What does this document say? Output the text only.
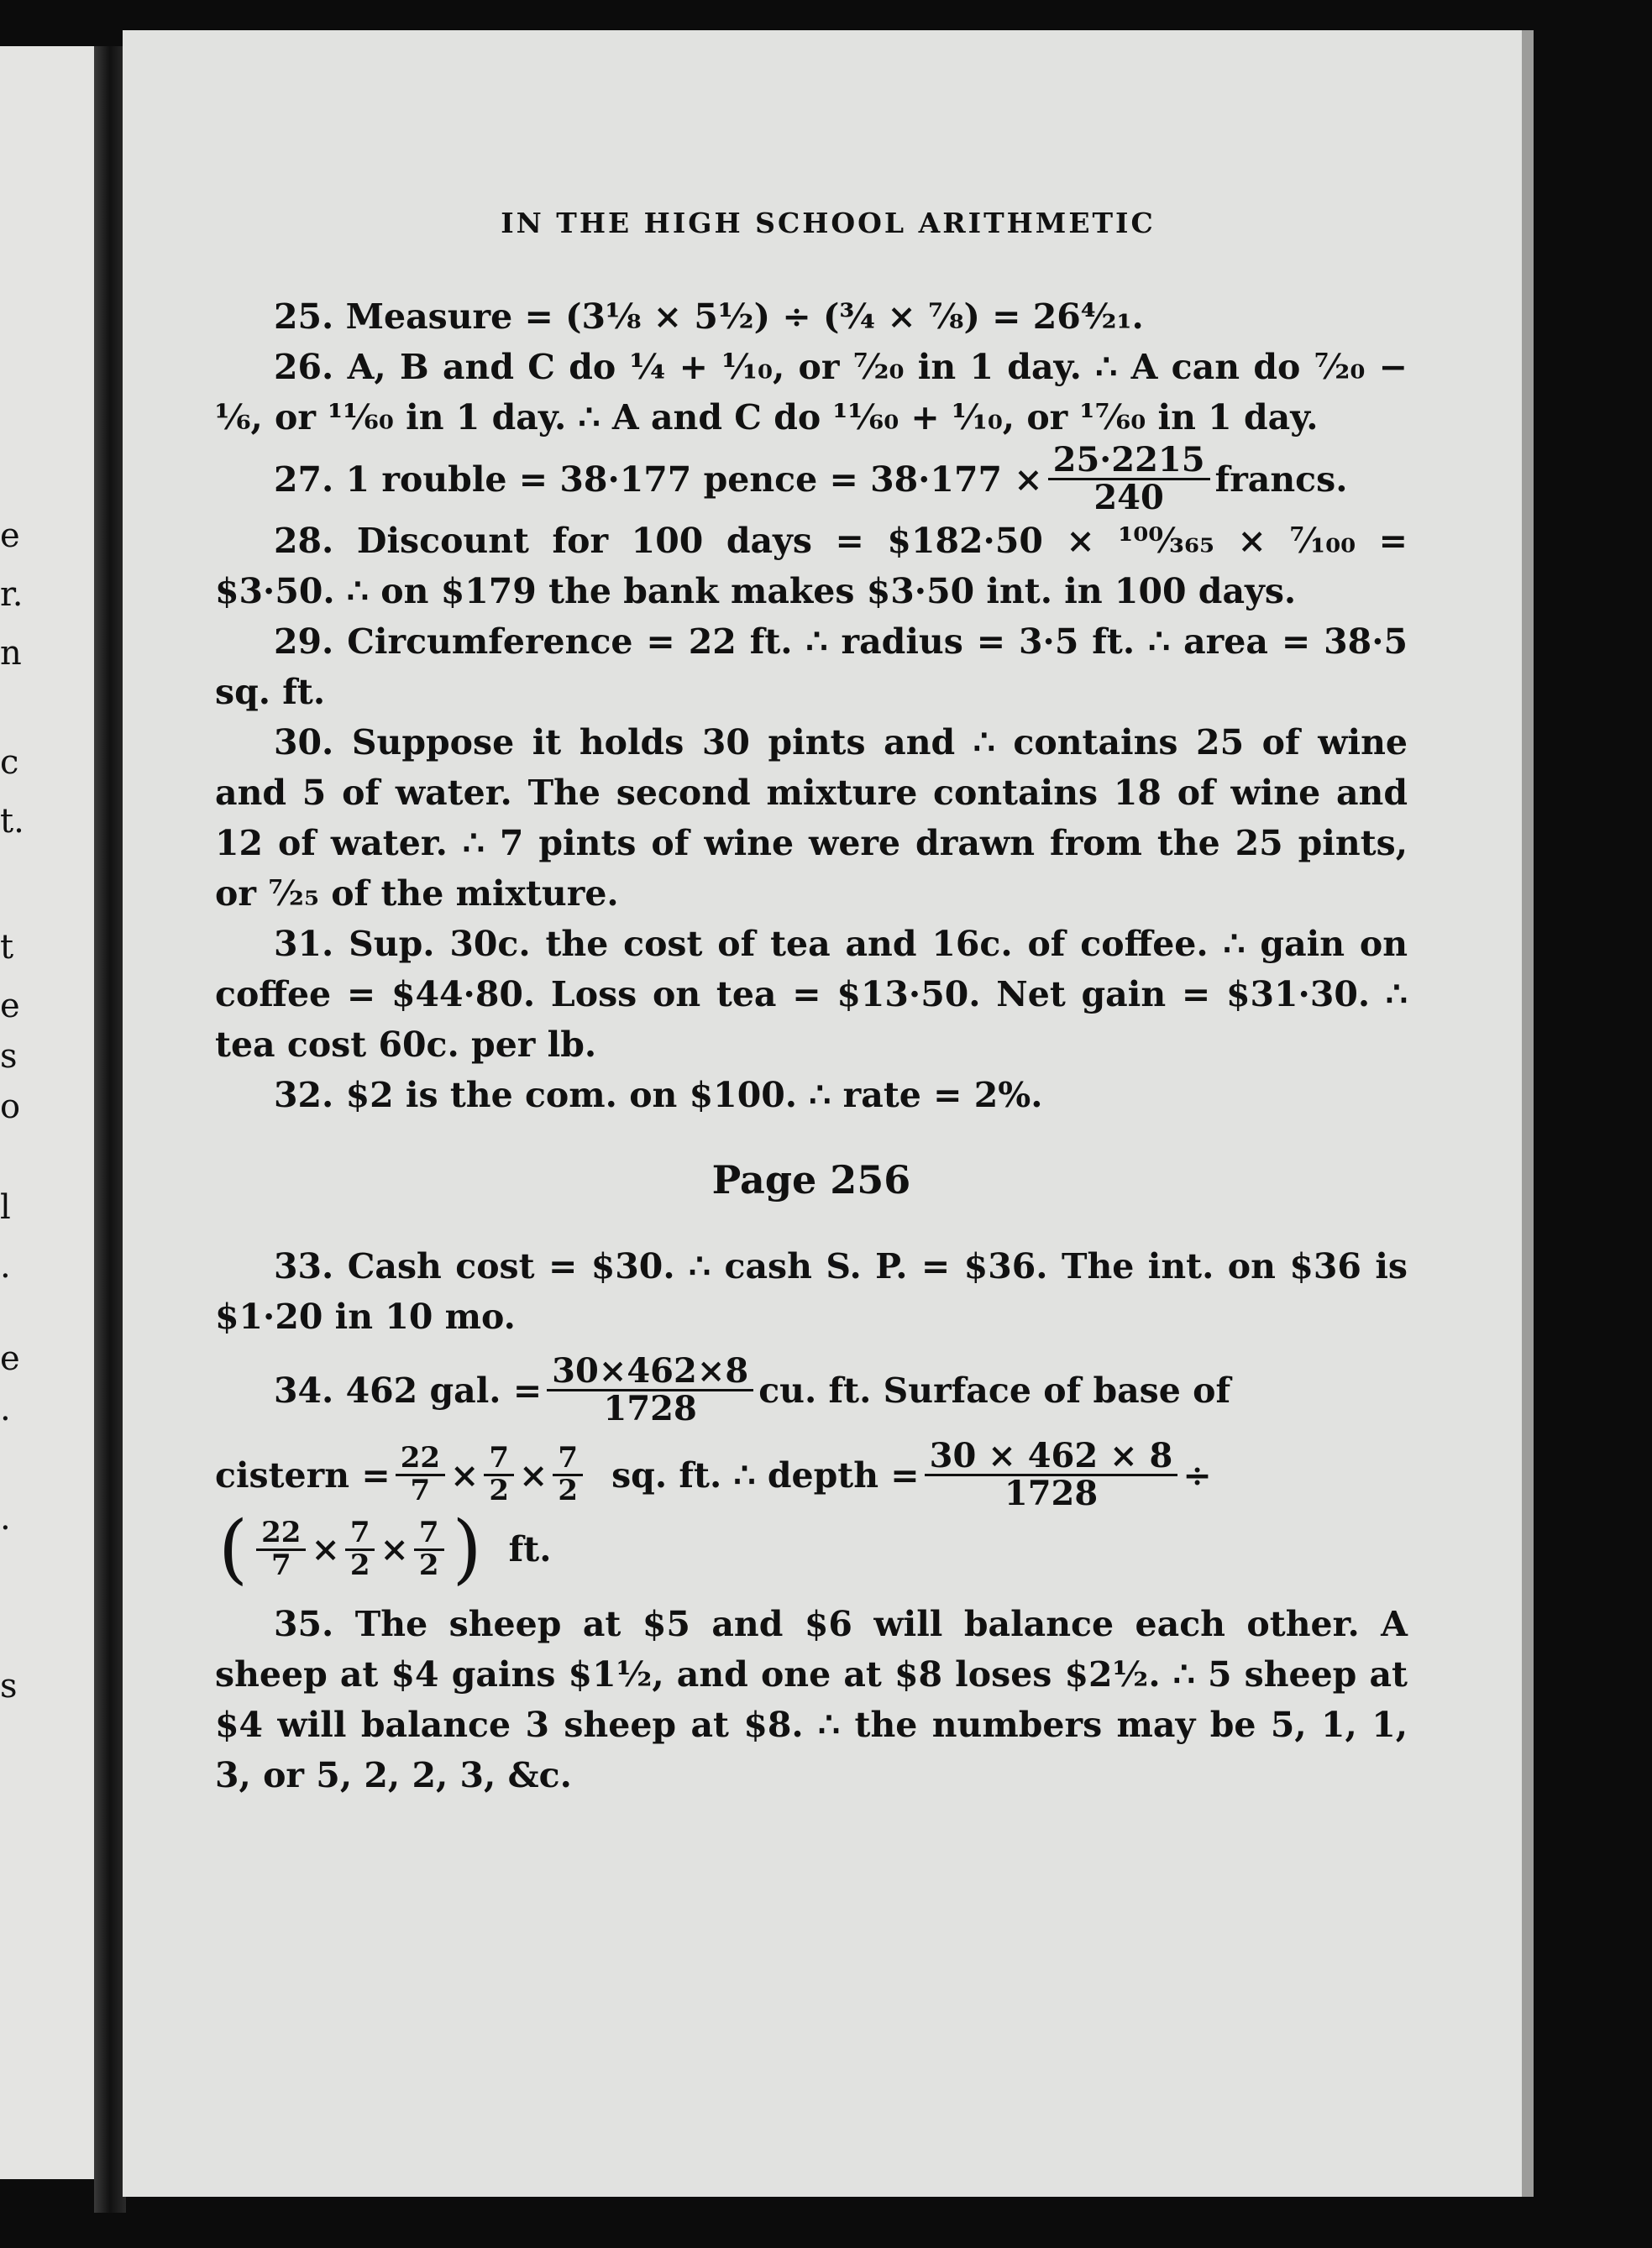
e
r.
n
c
t.
t
e
s
o
l
.
e
.
.
s
IN THE HIGH SCHOOL ARITHMETIC

25. Measure = (3⅛ × 5½) ÷ (¾ × ⅞) = 26⁴⁄₂₁.

26. A, B and C do ¼ + ¹⁄₁₀, or ⁷⁄₂₀ in 1 day. ∴ A can do ⁷⁄₂₀ − ⅙, or ¹¹⁄₆₀ in 1 day. ∴ A and C do ¹¹⁄₆₀ + ¹⁄₁₀, or ¹⁷⁄₆₀ in 1 day.

27. 1 rouble = 38·177 pence = $38\cdot 177 \times \frac{25\cdot 2215}{240}$ francs.

28. Discount for 100 days = $182·50 × ¹⁰⁰⁄₃₆₅ × ⁷⁄₁₀₀ = $3·50. ∴ on $179 the bank makes $3·50 int. in 100 days.

29. Circumference = 22 ft. ∴ radius = 3·5 ft. ∴ area = 38·5 sq. ft.

30. Suppose it holds 30 pints and ∴ contains 25 of wine and 5 of water. The second mixture contains 18 of wine and 12 of water. ∴ 7 pints of wine were drawn from the 25 pints, or ⁷⁄₂₅ of the mixture.

31. Sup. 30c. the cost of tea and 16c. of coffee. ∴ gain on coffee = $44·80. Loss on tea = $13·50. Net gain = $31·30. ∴ tea cost 60c. per lb.

32. $2 is the com. on $100. ∴ rate = 2%.

Page 256

33. Cash cost = $30. ∴ cash S. P. = $36. The int. on $36 is $1·20 in 10 mo.

34. 462 gal. = $\frac{30\times 462\times 8}{1728}$ cu. ft. Surface of base of
cistern = $\frac{22}{7} \times \frac{7}{2} \times \frac{7}{2}$ sq. ft. ∴ depth = $\frac{30 \times 462 \times 8}{1728}$ ÷
( $\frac{22}{7} \times \frac{7}{2} \times \frac{7}{2}$ ) ft.

35. The sheep at $5 and $6 will balance each other. A sheep at $4 gains $1½, and one at $8 loses $2½. ∴ 5 sheep at $4 will balance 3 sheep at $8. ∴ the numbers may be 5, 1, 1, 3, or 5, 2, 2, 3, &c.
